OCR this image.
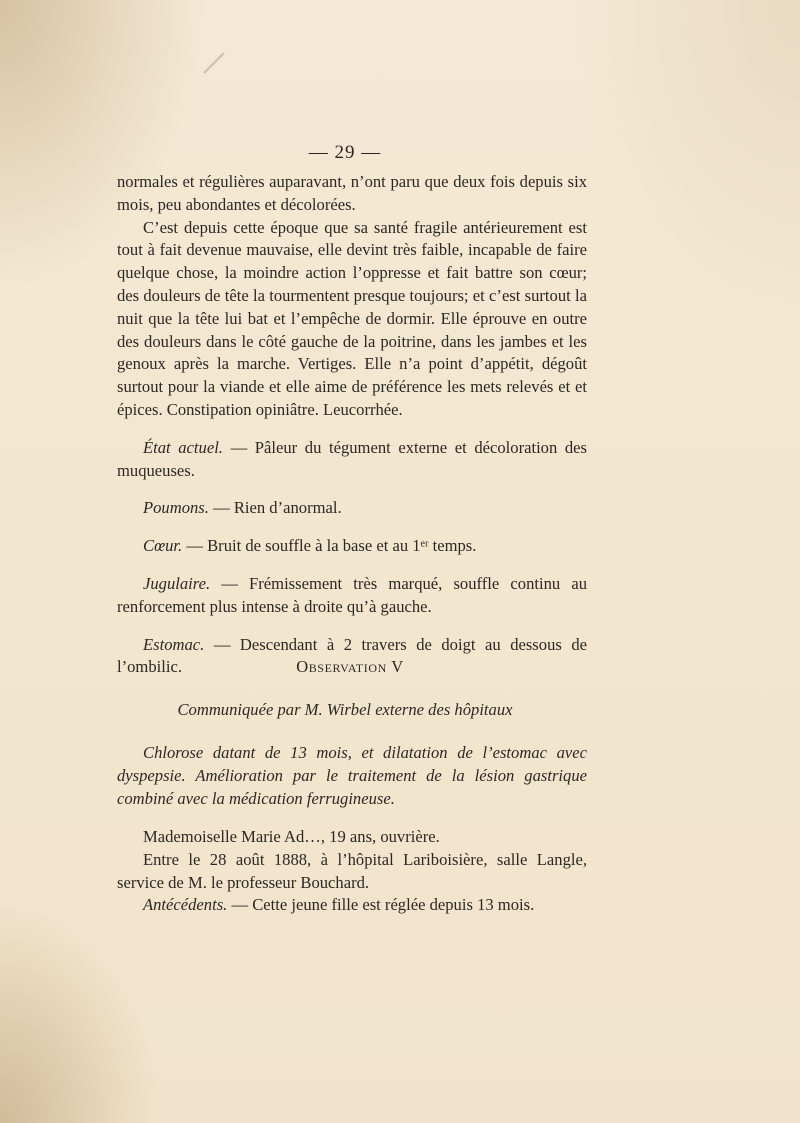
— 29 —

normales et régulières auparavant, n’ont paru que deux fois depuis six mois, peu abondantes et décolorées.

C’est depuis cette époque que sa santé fragile antérieurement est tout à fait devenue mauvaise, elle devint très faible, incapable de faire quelque chose, la moindre action l’oppresse et fait battre son cœur; des douleurs de tête la tourmentent presque toujours; et c’est surtout la nuit que la tête lui bat et l’empêche de dormir. Elle éprouve en outre des douleurs dans le côté gauche de la poitrine, dans les jambes et les genoux après la marche. Vertiges. Elle n’a point d’appétit, dégoût surtout pour la viande et elle aime de préférence les mets relevés et et épices. Constipation opiniâtre. Leucorrhée.

État actuel. — Pâleur du tégument externe et décoloration des muqueuses.

Poumons. — Rien d’anormal.

Cœur. — Bruit de souffle à la base et au 1ᵉʳ temps.

Jugulaire. — Frémissement très marqué, souffle continu au renforcement plus intense à droite qu’à gauche.

Estomac. — Descendant à 2 travers de doigt au dessous de l’ombilic.	Observation V
Communiquée par M. Wirbel externe des hôpitaux

Chlorose datant de 13 mois, et dilatation de l’estomac avec dyspepsie. Amélioration par le traitement de la lésion gastrique combiné avec la médication ferrugineuse.

Mademoiselle Marie Ad…, 19 ans, ouvrière.

Entre le 28 août 1888, à l’hôpital Lariboisière, salle Langle, service de M. le professeur Bouchard.

Antécédents. — Cette jeune fille est réglée depuis 13 mois.
